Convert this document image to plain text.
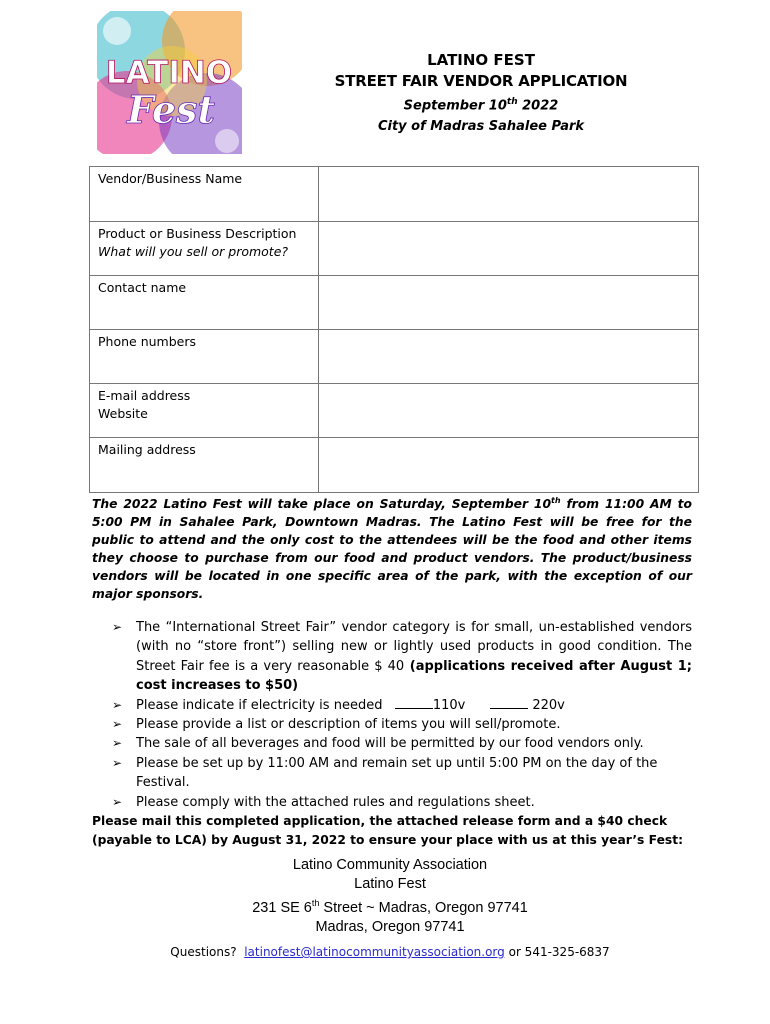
LATINO
Fest
LATINO FEST
STREET FAIR VENDOR APPLICATION
September 10th 2022
City of Madras Sahalee Park
Vendor/Business Name	

Product or Business Description
What will you sell or promote?	

Contact name	

Phone numbers	

E-mail address
Website	

Mailing address	
The 2022 Latino Fest will take place on Saturday, September 10th from 11:00 AM to 5:00 PM in Sahalee Park, Downtown Madras. The Latino Fest will be free for the public to attend and the only cost to the attendees will be the food and other items they choose to purchase from our food and product vendors. The product/business vendors will be located in one specific area of the park, with the exception of our major sponsors.
➢ The “International Street Fair” vendor category is for small, un-established vendors (with no “store front”) selling new or lightly used products in good condition. The Street Fair fee is a very reasonable $ 40 (applications received after August 1; cost increases to $50)
➢ Please indicate if electricity is needed	110v	220v
➢ Please provide a list or description of items you will sell/promote.
➢ The sale of all beverages and food will be permitted by our food vendors only.
➢ Please be set up by 11:00 AM and remain set up until 5:00 PM on the day of the Festival.
➢ Please comply with the attached rules and regulations sheet.
Please mail this completed application, the attached release form and a $40 check (payable to LCA) by August 31, 2022 to ensure your place with us at this year’s Fest:
Latino Community Association
Latino Fest
231 SE 6th Street ~ Madras, Oregon 97741
Madras, Oregon 97741
Questions?  latinofest@latinocommunityassociation.org or 541-325-6837
